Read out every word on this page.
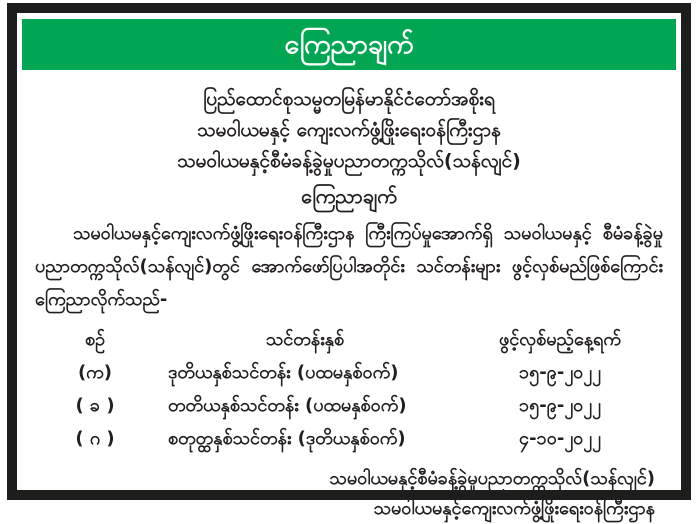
ကြေညာချက်
ပြည်ထောင်စုသမ္မတမြန်မာနိုင်ငံတော်အစိုးရ
သမဝါယမနှင့် ကျေးလက်ဖွံ့ဖြိုးရေးဝန်ကြီးဌာန
သမဝါယမနှင့်စီမံခန့်ခွဲမှုပညာတက္ကသိုလ်(သန်လျင်)
ကြေညာချက်

သမဝါယမနှင့်ကျေးလက်ဖွံ့ဖြိုးရေးဝန်ကြီးဌာန ကြီးကြပ်မှုအောက်ရှိ သမဝါယမနှင့် စီမံခန့်ခွဲမှုပညာတက္ကသိုလ်(သန်လျင်)တွင် အောက်ဖော်ပြပါအတိုင်း သင်တန်းများ ဖွင့်လှစ်မည်ဖြစ်ကြောင်း ကြေညာလိုက်သည်-

စဉ်	သင်တန်းနှစ်	ဖွင့်လှစ်မည့်နေ့ရက်
(က)	ဒုတိယနှစ်သင်တန်း (ပထမနှစ်ဝက်)	၁၅-၉-၂၀၂၂
( ခ )	တတိယနှစ်သင်တန်း (ပထမနှစ်ဝက်)	၁၅-၉-၂၀၂၂
( ဂ )	စတုတ္ထနှစ်သင်တန်း (ဒုတိယနှစ်ဝက်)	၄-၁၀-၂၀၂၂
သမဝါယမနှင့်စီမံခန့်ခွဲမှုပညာတက္ကသိုလ်(သန်လျင်)
သမဝါယမနှင့်ကျေးလက်ဖွံ့ဖြိုးရေးဝန်ကြီးဌာန
